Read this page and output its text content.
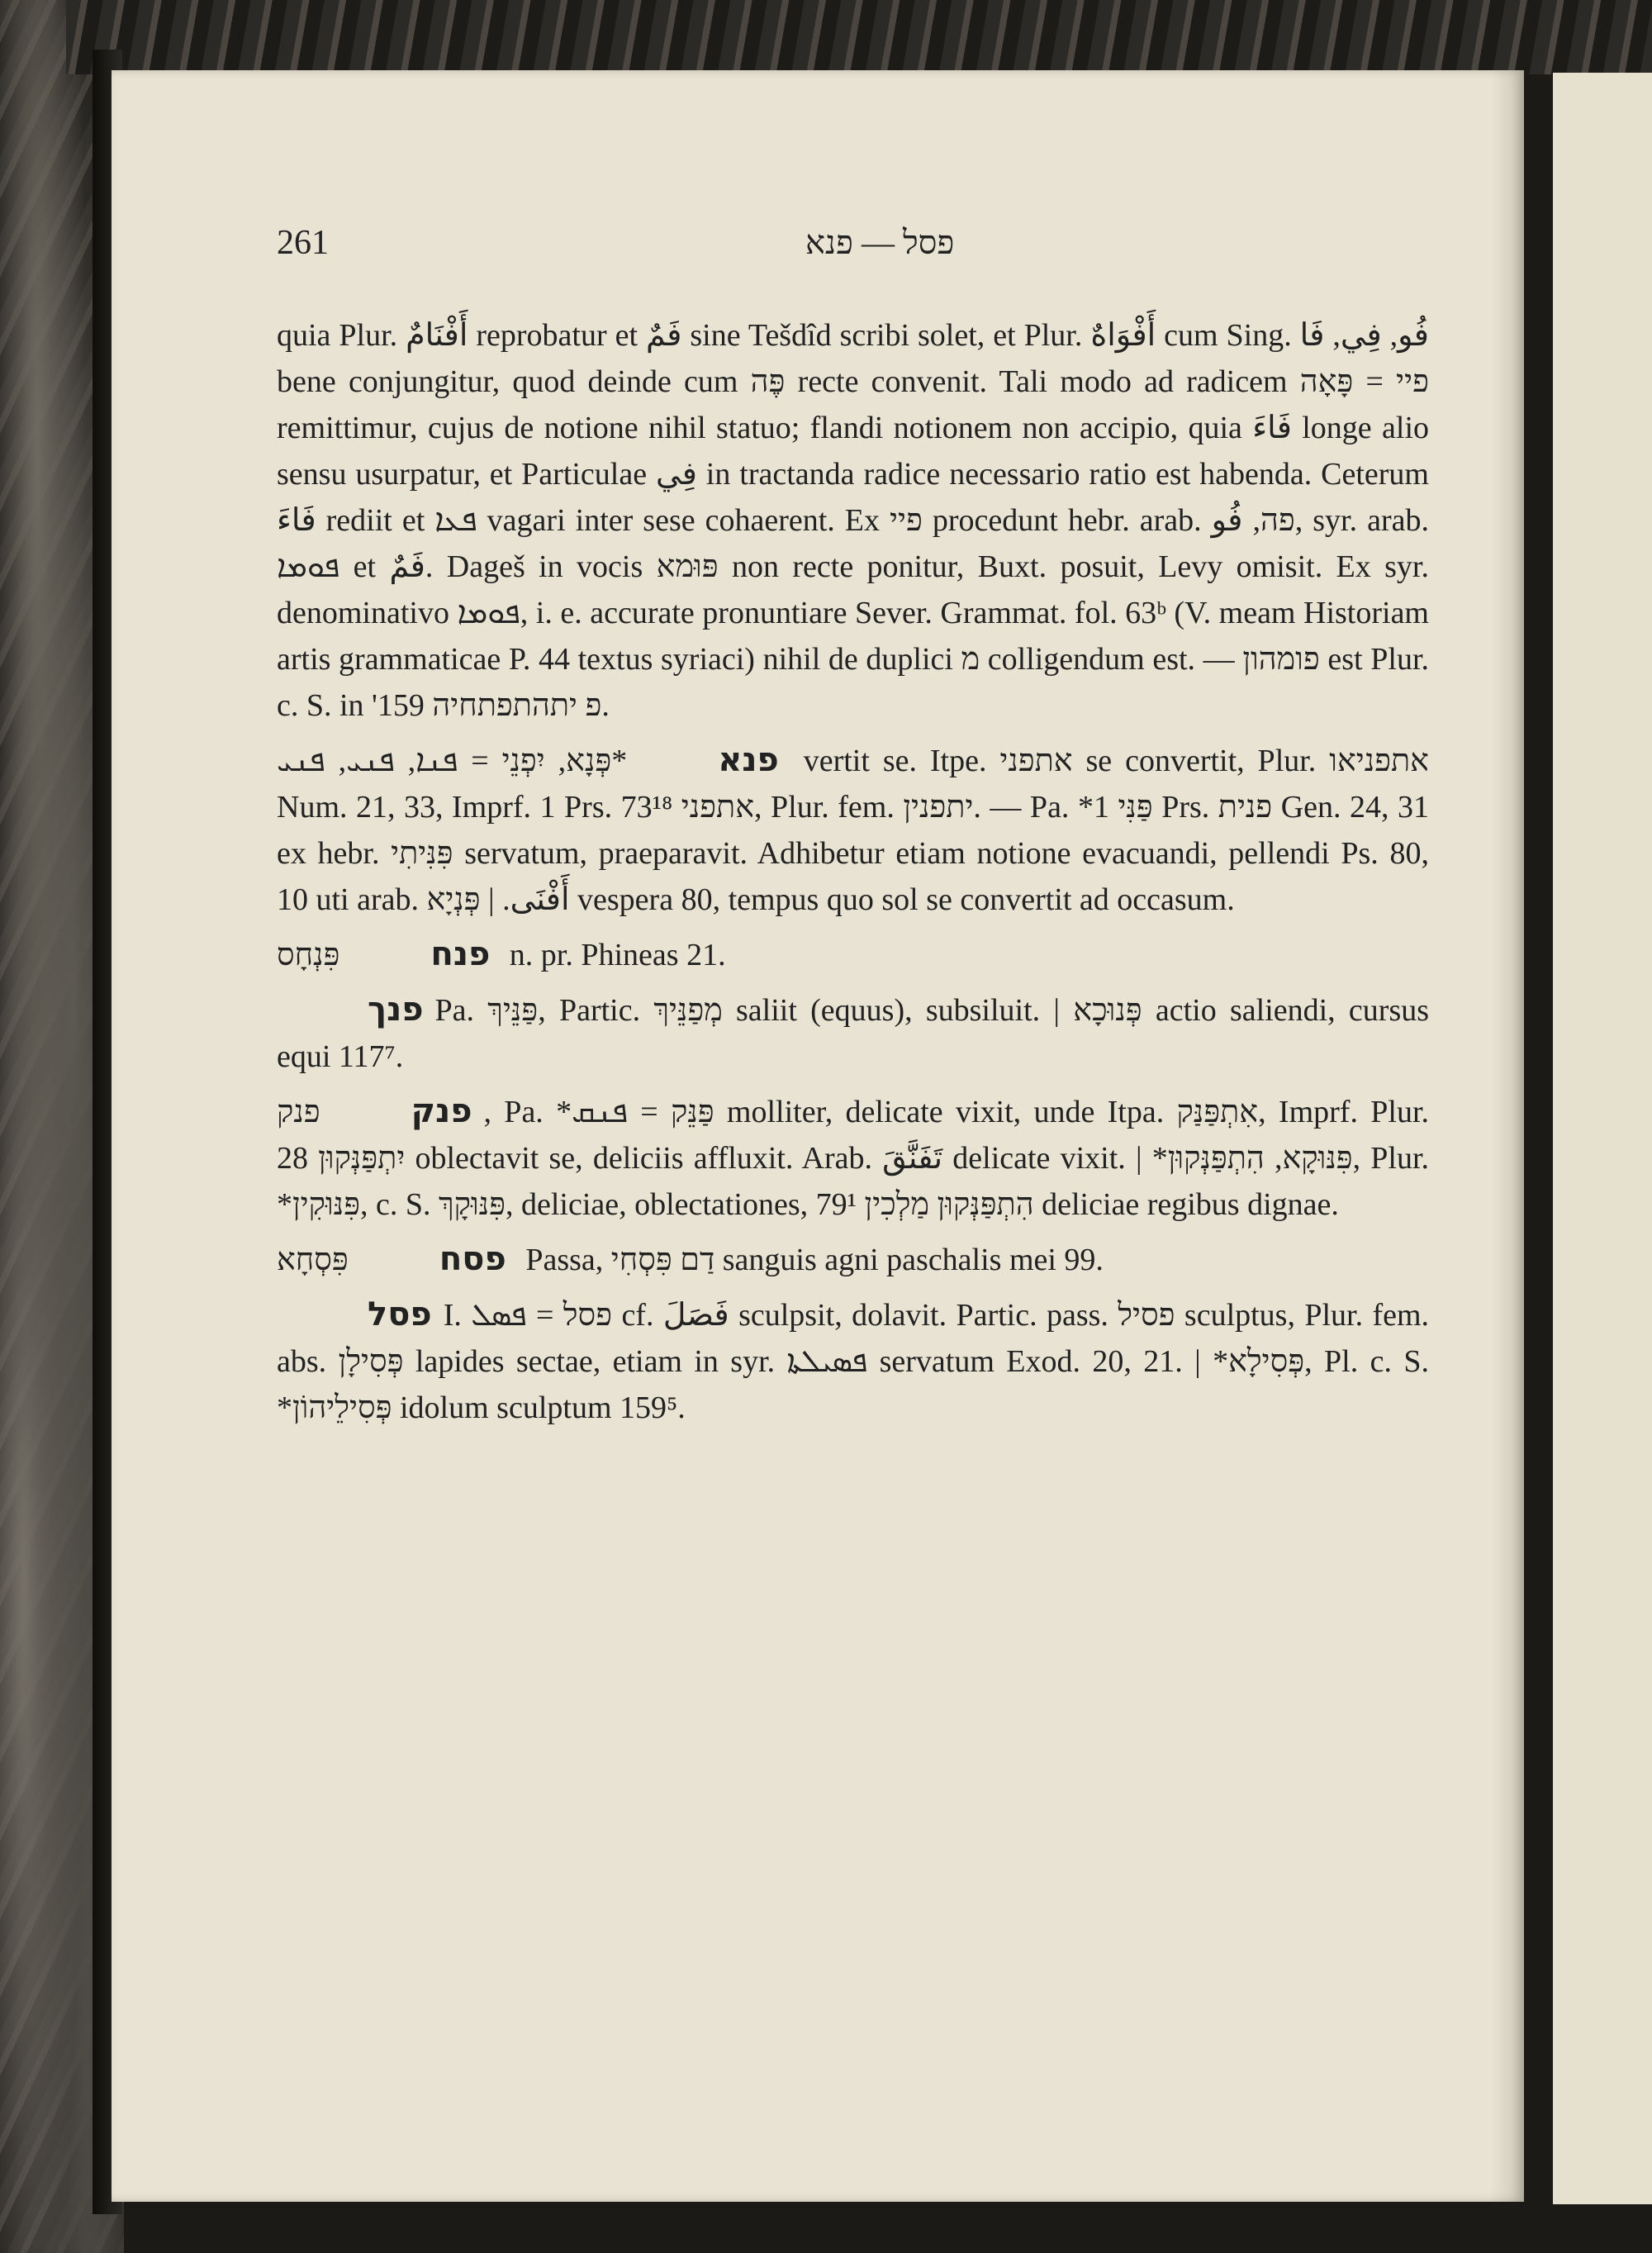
261	פסל — פנא

quia Plur. أَفْنَامٌ reprobatur et فَمٌ sine Tešdîd scribi solet, et Plur. أَفْوَاهٌ cum Sing. فُو, فِي, فَا bene conjungitur, quod deinde cum פֶּה recte convenit. Tali modo ad radicem פיי = פָּאָה remittimur, cujus de notione nihil statuo; flandi notionem non accipio, quia فَاءَ longe alio sensu usurpatur, et Particulae فِي in tractanda radice necessario ratio est habenda. Ceterum فَاءَ rediit et ܦܥܐ vagari inter sese cohaerent. Ex פיי procedunt hebr. arab. פה, فُو, syr. arab. ܦܘܡܐ et فَمٌ. Dageš in vocis פּוּמא non recte ponitur, Buxt. posuit, Levy omisit. Ex syr. denominativo ܦܘܡܐ, i. e. accurate pronuntiare Sever. Grammat. fol. 63ᵇ (V. meam Historiam artis grammaticae P. 44 textus syriaci) nihil de duplici מ colligendum est. — פומהון est Plur. c. S. in 'פ יתהתפתחיה 159.

פנא*פְּנָא, יִפְנֵי = ܦܢܐ, ܦܢܝ, ܦܢܝ vertit se. Itpe. אתפני se convertit, Plur. אתפניאו Num. 21, 33, Imprf. 1 Prs. אתפני 73¹⁸, Plur. fem. יתפנין. — Pa. *פַּנִּי 1 Prs. פנית Gen. 24, 31 ex hebr. פִּנִּיתִי servatum, praeparavit. Adhibetur etiam notione evacuandi, pellendi Ps. 80, 10 uti arab. أَفْنَى. | פְּנְיָא vespera 80, tempus quo sol se convertit ad occasum.

פנחפִּנְחָס n. pr. Phineas 21.

פנך Pa. פַּנֵּיךְ, Partic. מְפַנֵּיךְ saliit (equus), subsiluit. | פְּנוּכָא actio saliendi, cursus equi 117⁷.

פנקפנק, Pa. *פַּנֵּק = ܦܢܩ molliter, delicate vixit, unde Itpa. אִתְפַּנַּק, Imprf. Plur. יִתְפַּנְּקוּן 28 oblectavit se, deliciis affluxit. Arab. تَفَنَّقَ delicate vixit. | *פִּנּוּקָא, הִתְפַּנְּקוּן, Plur. *פִּנּוּקִין, c. S. פִּנּוּקָךְ, deliciae, oblectationes, הִתְפַּנְּקוּן מַלְכִין 79¹ deliciae regibus dignae.

פסחפִּסְחָא Passa, דַם פִּסְחִי sanguis agni paschalis mei 99.

פסל I. פסל = ܦܣܠ cf. فَصَلَ sculpsit, dolavit. Partic. pass. פסיל sculptus, Plur. fem. abs. פְּסִילָן lapides sectae, etiam in syr. ܦܣܝܠܬܐ servatum Exod. 20, 21. | *פְּסִילָא, Pl. c. S. *פְּסִילֵיהוֹן idolum sculptum 159⁵.
